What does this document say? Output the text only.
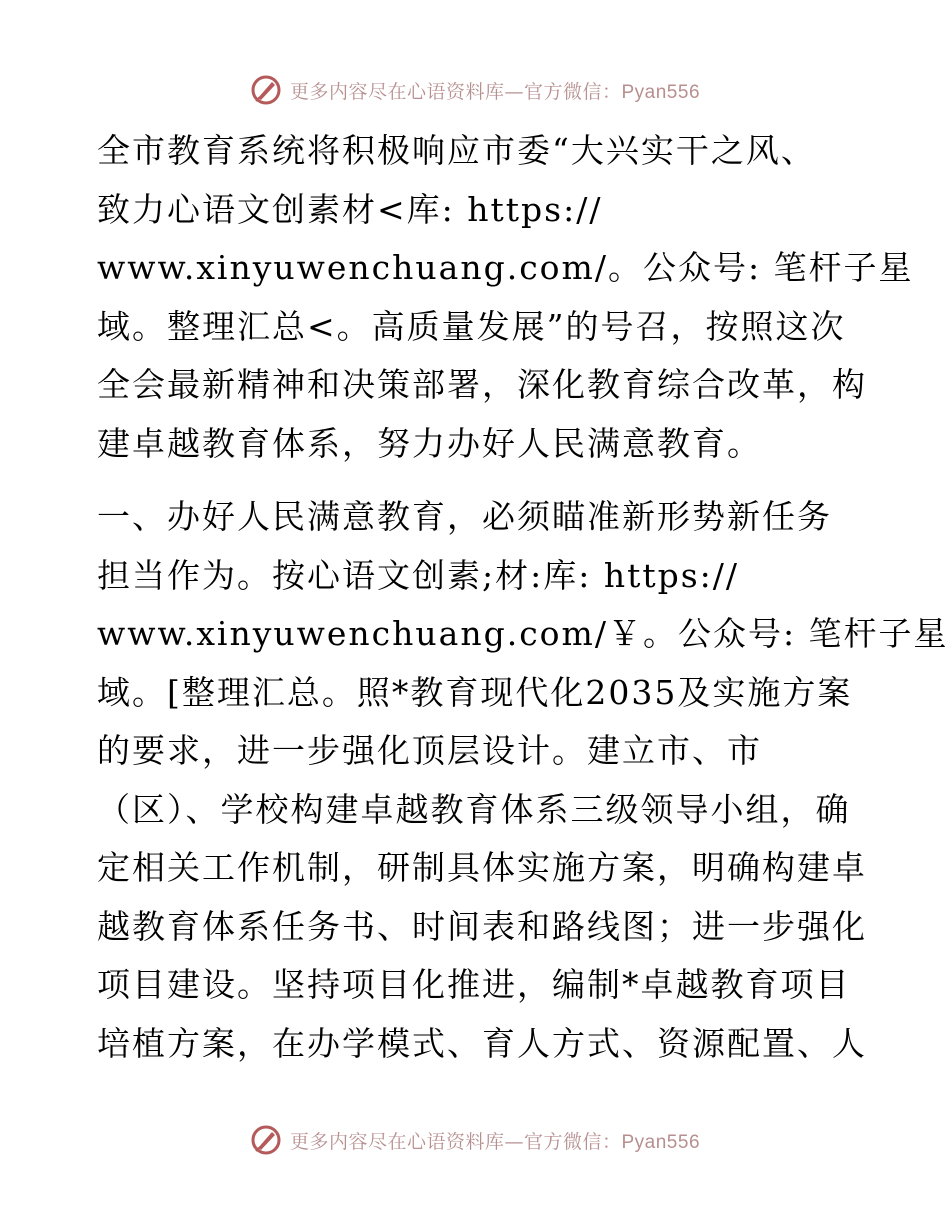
更多内容尽在心语资料库—官方微信：Pyan556

全市教育系统将积极响应市委“大兴实干之风、
致力心语文创素材<库: https://
www.xinyuwenchuang.com/。公众号: 笔杆子星
域。整理汇总<。高质量发展”的号召，按照这次
全会最新精神和决策部署，深化教育综合改革，构
建卓越教育体系，努力办好人民满意教育。

一、办好人民满意教育，必须瞄准新形势新任务
担当作为。按心语文创素;材:库: https://
www.xinyuwenchuang.com/￥。公众号: 笔杆子星
域。[整理汇总。照*教育现代化2035及实施方案
的要求，进一步强化顶层设计。建立市、市
（区）、学校构建卓越教育体系三级领导小组，确
定相关工作机制，研制具体实施方案，明确构建卓
越教育体系任务书、时间表和路线图；进一步强化
项目建设。坚持项目化推进，编制*卓越教育项目
培植方案，在办学模式、育人方式、资源配置、人

更多内容尽在心语资料库—官方微信：Pyan556
